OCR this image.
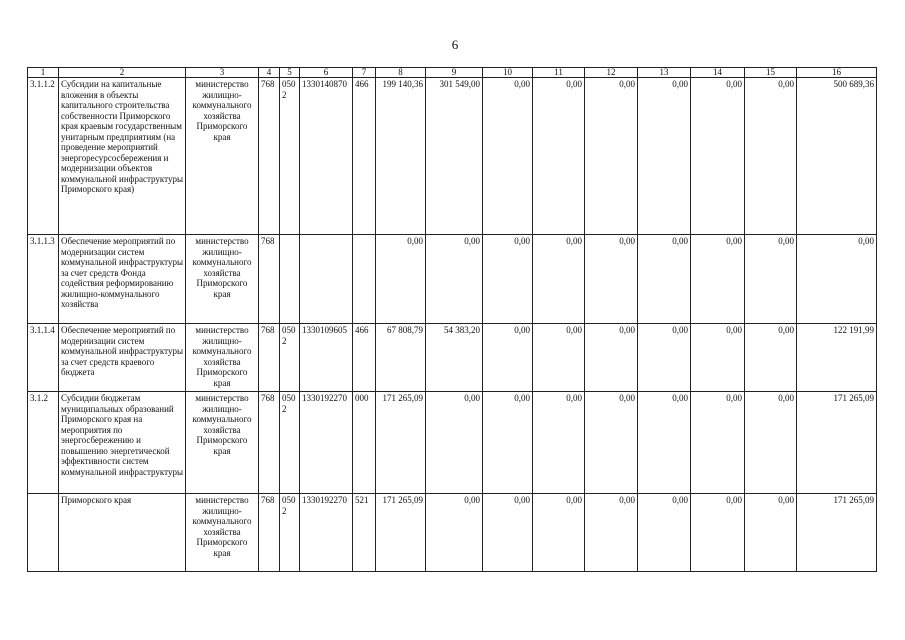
6
1	2	3	4	5	6	7	8	9	10	11	12	13	14	15	16
3.1.1.2	Субсидии на капитальные вложения в объекты капитального строительства собственности Приморского края краевым государственным унитарным предприятиям (на проведение мероприятий энергоресурсосбережения и модернизации объектов коммунальной инфраструктуры Приморского края)	министерство жилищно-коммунального хозяйства Приморского края	768	0502	1330140870	466	199 140,36	301 549,00	0,00	0,00	0,00	0,00	0,00	0,00	500 689,36
3.1.1.3	Обеспечение мероприятий по модернизации систем коммунальной инфраструктуры за счет средств Фонда содействия реформированию жилищно-коммунального хозяйства	министерство жилищно-коммунального хозяйства Приморского края	768				0,00	0,00	0,00	0,00	0,00	0,00	0,00	0,00	0,00
3.1.1.4	Обеспечение мероприятий по модернизации систем коммунальной инфраструктуры за счет средств краевого бюджета	министерство жилищно-коммунального хозяйства Приморского края	768	0502	1330109605	466	67 808,79	54 383,20	0,00	0,00	0,00	0,00	0,00	0,00	122 191,99
3.1.2	Субсидии бюджетам муниципальных образований Приморского края на мероприятия по энергосбережению и повышению энергетической эффективности систем коммунальной инфраструктуры	министерство жилищно-коммунального хозяйства Приморского края	768	0502	1330192270	000	171 265,09	0,00	0,00	0,00	0,00	0,00	0,00	0,00	171 265,09
	Приморского края	министерство жилищно-коммунального хозяйства Приморского края	768	0502	1330192270	521	171 265,09	0,00	0,00	0,00	0,00	0,00	0,00	0,00	171 265,09
